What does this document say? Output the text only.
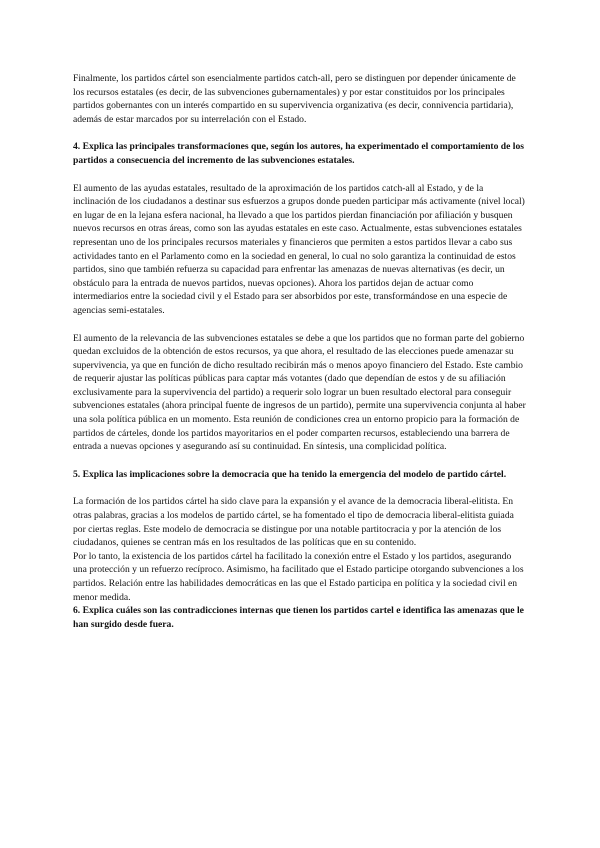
Finalmente, los partidos cártel son esencialmente partidos catch-all, pero se distinguen por depender únicamente de los recursos estatales (es decir, de las subvenciones gubernamentales) y por estar constituidos por los principales partidos gobernantes con un interés compartido en su supervivencia organizativa (es decir, connivencia partidaria), además de estar marcados por su interrelación con el Estado.

4. Explica las principales transformaciones que, según los autores, ha experimentado el comportamiento de los partidos a consecuencia del incremento de las subvenciones estatales.

El aumento de las ayudas estatales, resultado de la aproximación de los partidos catch-all al Estado, y de la inclinación de los ciudadanos a destinar sus esfuerzos a grupos donde pueden participar más activamente (nivel local) en lugar de en la lejana esfera nacional, ha llevado a que los partidos pierdan financiación por afiliación y busquen nuevos recursos en otras áreas, como son las ayudas estatales en este caso. Actualmente, estas subvenciones estatales representan uno de los principales recursos materiales y financieros que permiten a estos partidos llevar a cabo sus actividades tanto en el Parlamento como en la sociedad en general, lo cual no solo garantiza la continuidad de estos partidos, sino que también refuerza su capacidad para enfrentar las amenazas de nuevas alternativas (es decir, un obstáculo para la entrada de nuevos partidos, nuevas opciones). Ahora los partidos dejan de actuar como intermediarios entre la sociedad civil y el Estado para ser absorbidos por este, transformándose en una especie de agencias semi-estatales.

El aumento de la relevancia de las subvenciones estatales se debe a que los partidos que no forman parte del gobierno quedan excluidos de la obtención de estos recursos, ya que ahora, el resultado de las elecciones puede amenazar su supervivencia, ya que en función de dicho resultado recibirán más o menos apoyo financiero del Estado. Este cambio de requerir ajustar las políticas públicas para captar más votantes (dado que dependían de estos y de su afiliación exclusivamente para la supervivencia del partido) a requerir solo lograr un buen resultado electoral para conseguir subvenciones estatales (ahora principal fuente de ingresos de un partido), permite una supervivencia conjunta al haber una sola política pública en un momento. Esta reunión de condiciones crea un entorno propicio para la formación de partidos de cárteles, donde los partidos mayoritarios en el poder comparten recursos, estableciendo una barrera de entrada a nuevas opciones y asegurando así su continuidad. En síntesis, una complicidad política.

5. Explica las implicaciones sobre la democracia que ha tenido la emergencia del modelo de partido cártel.

La formación de los partidos cártel ha sido clave para la expansión y el avance de la democracia liberal-elitista. En otras palabras, gracias a los modelos de partido cártel, se ha fomentado el tipo de democracia liberal-elitista guiada por ciertas reglas. Este modelo de democracia se distingue por una notable partitocracia y por la atención de los ciudadanos, quienes se centran más en los resultados de las políticas que en su contenido.

Por lo tanto, la existencia de los partidos cártel ha facilitado la conexión entre el Estado y los partidos, asegurando una protección y un refuerzo recíproco. Asimismo, ha facilitado que el Estado participe otorgando subvenciones a los partidos. Relación entre las habilidades democráticas en las que el Estado participa en política y la sociedad civil en menor medida.

6. Explica cuáles son las contradicciones internas que tienen los partidos cartel e identifica las amenazas que le han surgido desde fuera.
